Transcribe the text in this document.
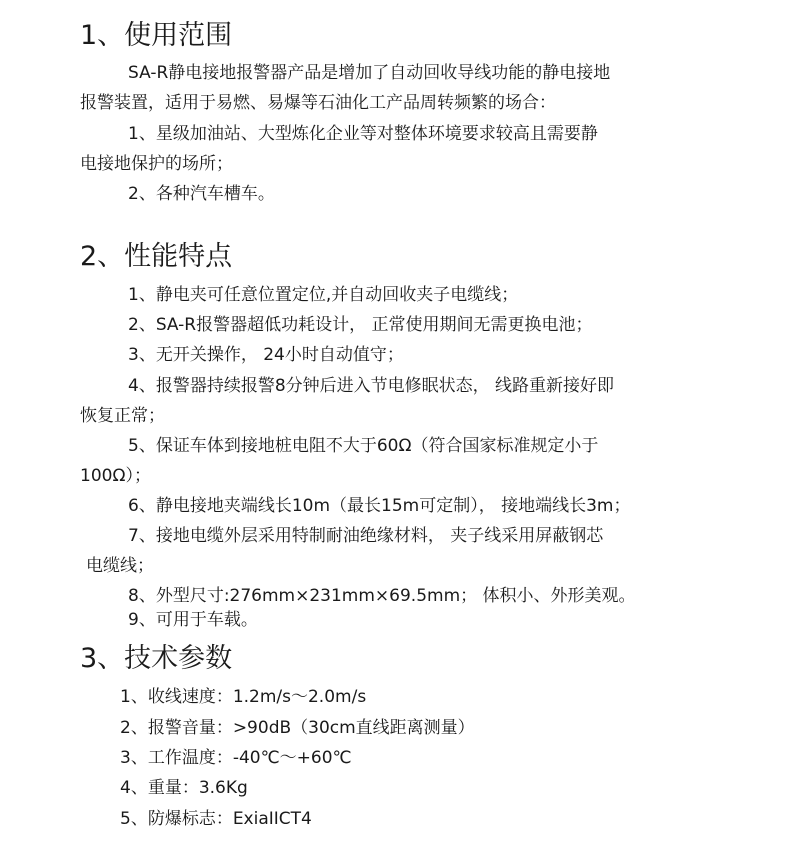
1、使用范围

SA-R静电接地报警器产品是增加了自动回收导线功能的静电接地

报警装置，适用于易燃、易爆等石油化工产品周转频繁的场合：

1、星级加油站、大型炼化企业等对整体环境要求较高且需要静

电接地保护的场所；

2、各种汽车槽车。

2、性能特点

1、静电夹可任意位置定位,并自动回收夹子电缆线；

2、SA-R报警器超低功耗设计， 正常使用期间无需更换电池；

3、无开关操作， 24小时自动值守；

4、报警器持续报警8分钟后进入节电修眠状态， 线路重新接好即

恢复正常；

5、保证车体到接地桩电阻不大于60Ω（符合国家标准规定小于

100Ω）；

6、静电接地夹端线长10m（最长15m可定制）， 接地端线长3m；

7、接地电缆外层采用特制耐油绝缘材料， 夹子线采用屏蔽钢芯

电缆线；

8、外型尺寸:276mm×231mm×69.5mm； 体积小、外形美观。

9、可用于车载。

3、技术参数

1、收线速度：1.2m/s～2.0m/s

2、报警音量：>90dB（30cm直线距离测量）

3、工作温度：-40℃～+60℃

4、重量：3.6Kg

5、防爆标志：ExiaIICT4
